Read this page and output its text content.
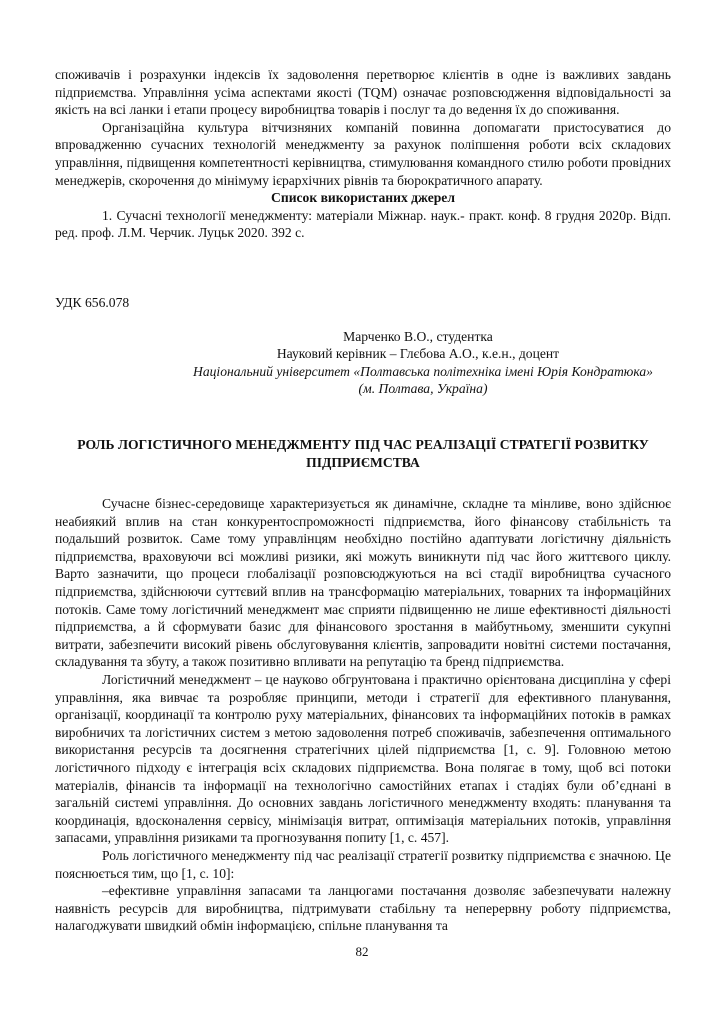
споживачів і розрахунки індексів їх задоволення перетворює клієнтів в одне із важливих завдань підприємства. Управління усіма аспектами якості (TQM) означає розповсюдження відповідальності за якість на всі ланки і етапи процесу виробництва товарів і послуг та до ведення їх до споживання.

Організаційна культура вітчизняних компаній повинна допомагати пристосуватися до впровадженню сучасних технологій менеджменту за рахунок поліпшення роботи всіх складових управління, підвищення компетентності керівництва, стимулювання командного стилю роботи провідних менеджерів, скорочення до мінімуму ієрархічних рівнів та бюрократичного апарату.

Список використаних джерел

1. Сучасні технології менеджменту: матеріали Міжнар. наук.- практ. конф. 8 грудня 2020р. Відп. ред. проф. Л.М. Черчик. Луцьк 2020. 392 с.

УДК 656.078

Марченко В.О., студентка

Науковий керівник – Глєбова А.О., к.е.н., доцент

Національний університет «Полтавська політехніка імені Юрія Кондратюка»

(м. Полтава, Україна)

РОЛЬ ЛОГІСТИЧНОГО МЕНЕДЖМЕНТУ ПІД ЧАС РЕАЛІЗАЦІЇ СТРАТЕГІЇ РОЗВИТКУ ПІДПРИЄМСТВА

Сучасне бізнес-середовище характеризується як динамічне, складне та мінливе, воно здійснює неабиякий вплив на стан конкурентоспроможності підприємства, його фінансову стабільність та подальший розвиток. Саме тому управлінцям необхідно постійно адаптувати логістичну діяльність підприємства, враховуючи всі можливі ризики, які можуть виникнути під час його життєвого циклу. Варто зазначити, що процеси глобалізації розповсюджуються на всі стадії виробництва сучасного підприємства, здійснюючи суттєвий вплив на трансформацію матеріальних, товарних та інформаційних потоків. Саме тому логістичний менеджмент має сприяти підвищенню не лише ефективності діяльності підприємства, а й сформувати базис для фінансового зростання в майбутньому, зменшити сукупні витрати, забезпечити високий рівень обслуговування клієнтів, запровадити новітні системи постачання, складування та збуту, а також позитивно впливати на репутацію та бренд підприємства.

Логістичний менеджмент – це науково обгрунтована і практично орієнтована дисципліна у сфері управління, яка вивчає та розробляє принципи, методи і стратегії для ефективного планування, організації, координації та контролю руху матеріальних, фінансових та інформаційних потоків в рамках виробничих та логістичних систем з метою задоволення потреб споживачів, забезпечення оптимального використання ресурсів та досягнення стратегічних цілей підприємства [1, с. 9]. Головною метою логістичного підходу є інтеграція всіх складових підприємства. Вона полягає в тому, щоб всі потоки матеріалів, фінансів та інформації на технологічно самостійних етапах і стадіях були об’єднані в загальній системі управління. До основних завдань логістичного менеджменту входять: планування та координація, вдосконалення сервісу, мінімізація витрат, оптимізація матеріальних потоків, управління запасами, управління ризиками та прогнозування попиту [1, с. 457].

Роль логістичного менеджменту під час реалізації стратегії розвитку підприємства є значною. Це пояснюється тим, що [1, с. 10]:

–ефективне управління запасами та ланцюгами постачання дозволяє забезпечувати належну наявність ресурсів для виробництва, підтримувати стабільну та неперервну роботу підприємства, налагоджувати швидкий обмін інформацією, спільне планування та

82
